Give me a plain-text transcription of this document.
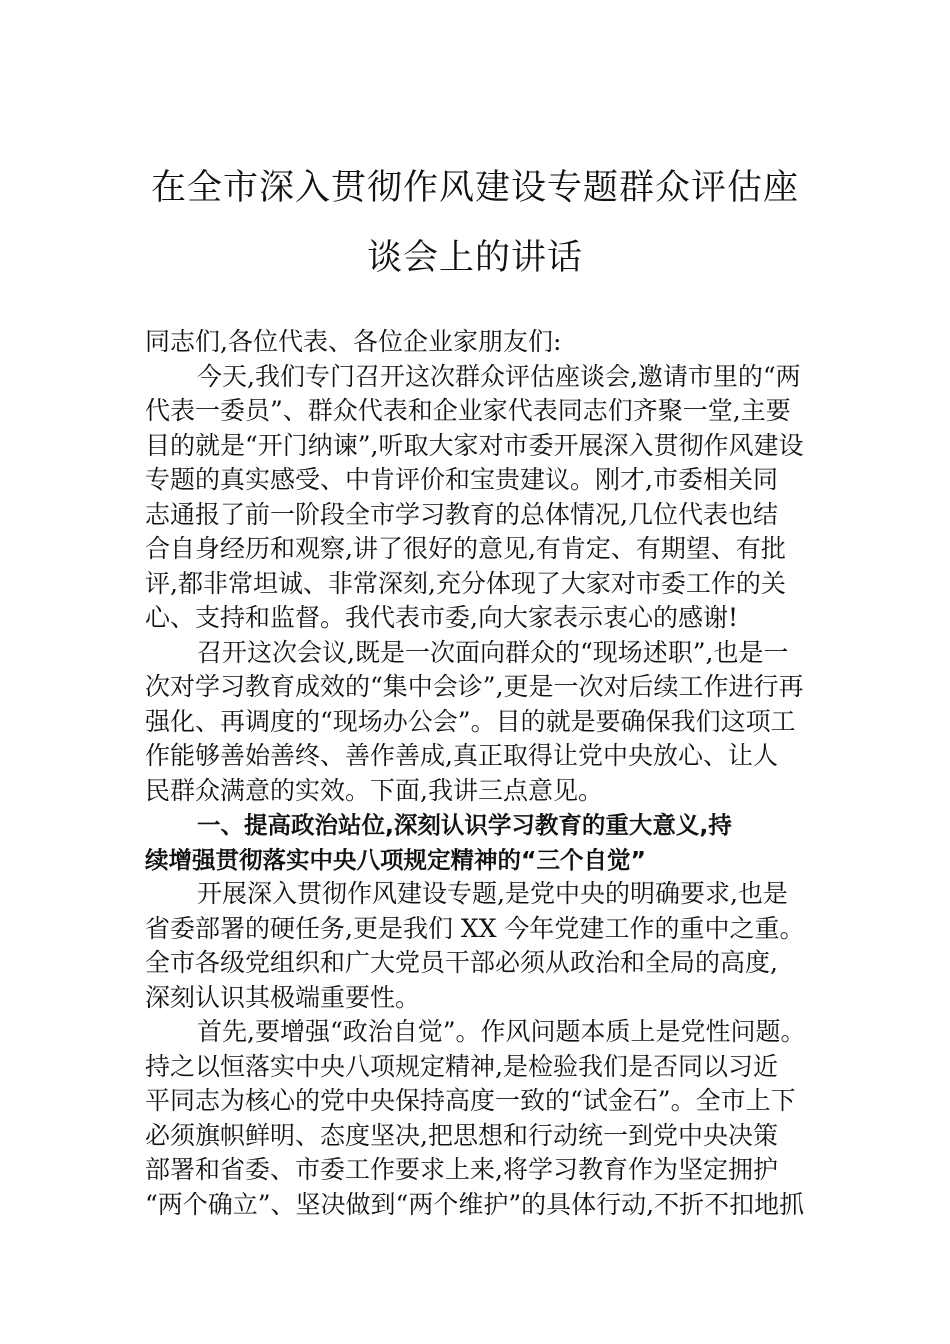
在全市深入贯彻作风建设专题群众评估座
谈会上的讲话
同志们,各位代表、各位企业家朋友们:
今天,我们专门召开这次群众评估座谈会,邀请市里的“两
代表一委员”、群众代表和企业家代表同志们齐聚一堂,主要
目的就是“开门纳谏”,听取大家对市委开展深入贯彻作风建设
专题的真实感受、中肯评价和宝贵建议。刚才,市委相关同
志通报了前一阶段全市学习教育的总体情况,几位代表也结
合自身经历和观察,讲了很好的意见,有肯定、有期望、有批
评,都非常坦诚、非常深刻,充分体现了大家对市委工作的关
心、支持和监督。我代表市委,向大家表示衷心的感谢!
召开这次会议,既是一次面向群众的“现场述职”,也是一
次对学习教育成效的“集中会诊”,更是一次对后续工作进行再
强化、再调度的“现场办公会”。目的就是要确保我们这项工
作能够善始善终、善作善成,真正取得让党中央放心、让人
民群众满意的实效。下面,我讲三点意见。
一、提高政治站位,深刻认识学习教育的重大意义,持
续增强贯彻落实中央八项规定精神的“三个自觉”
开展深入贯彻作风建设专题,是党中央的明确要求,也是
省委部署的硬任务,更是我们 XX 今年党建工作的重中之重。
全市各级党组织和广大党员干部必须从政治和全局的高度,
深刻认识其极端重要性。
首先,要增强“政治自觉”。作风问题本质上是党性问题。
持之以恒落实中央八项规定精神,是检验我们是否同以习近
平同志为核心的党中央保持高度一致的“试金石”。全市上下
必须旗帜鲜明、态度坚决,把思想和行动统一到党中央决策
部署和省委、市委工作要求上来,将学习教育作为坚定拥护
“两个确立”、坚决做到“两个维护”的具体行动,不折不扣地抓
